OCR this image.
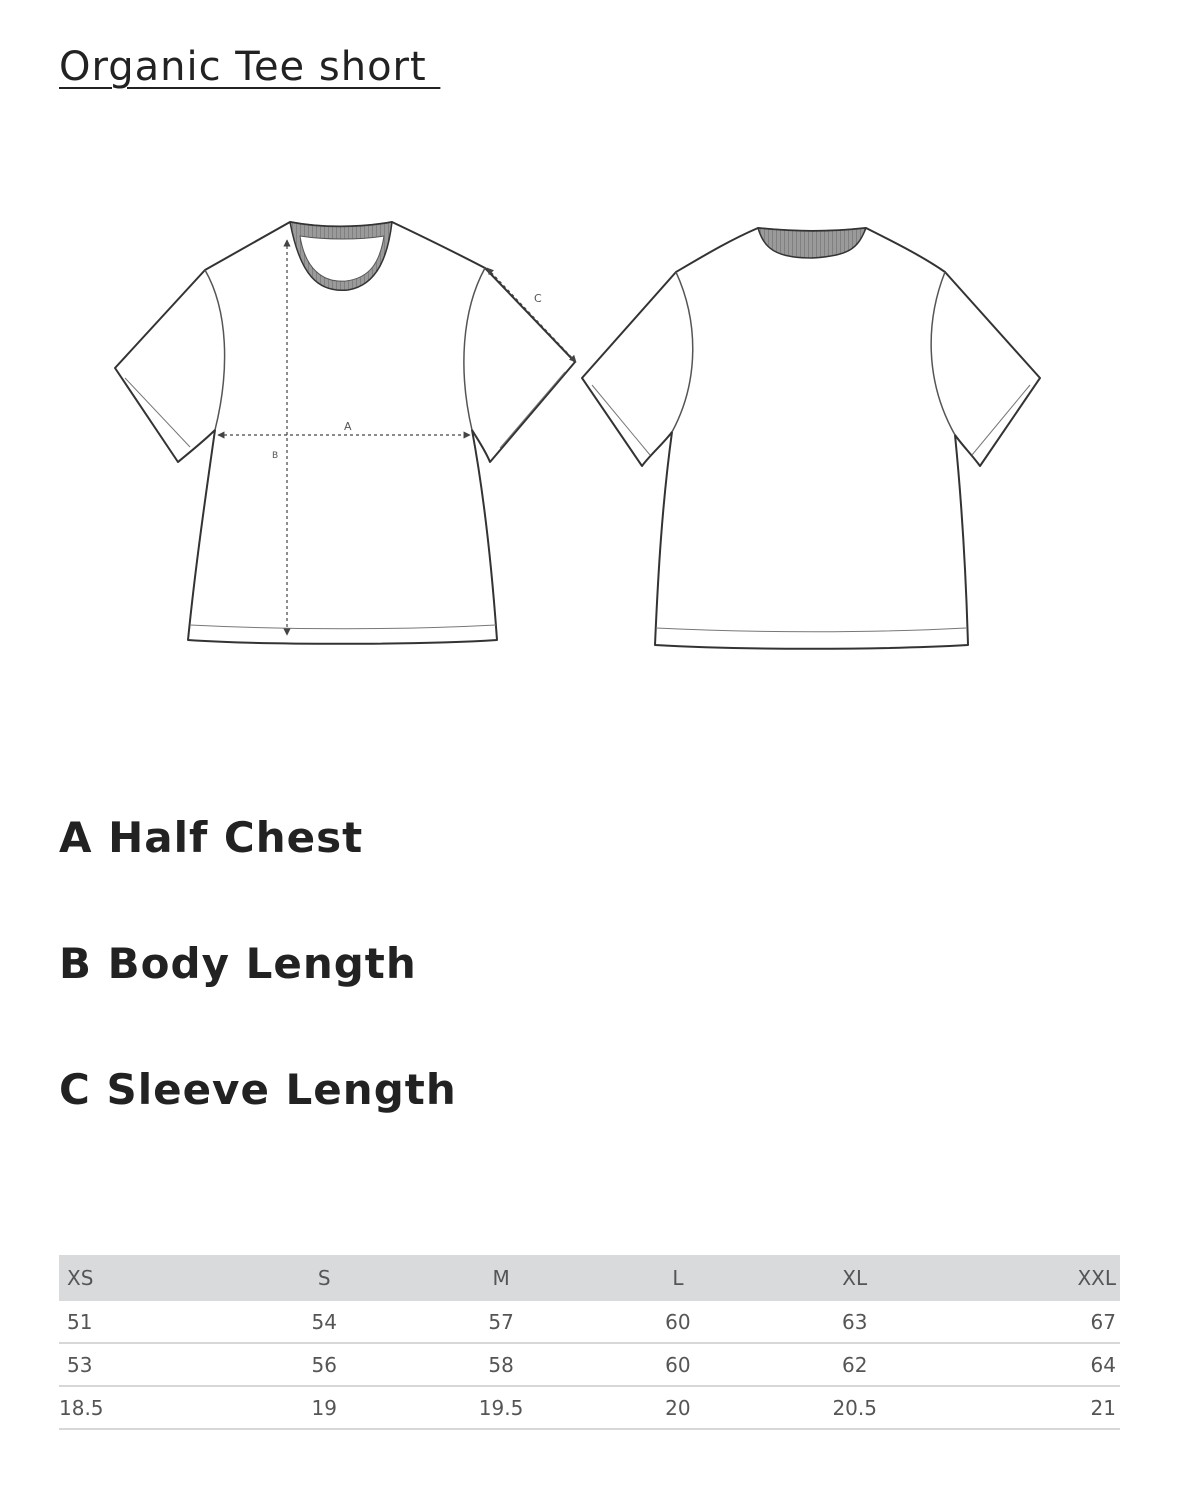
Organic Tee short
A
B
C
A Half Chest
B Body Length
C Sleeve Length
XS	S	M	L	XL	XXL
51	54	57	60	63	67
53	56	58	60	62	64
18.5	19	19.5	20	20.5	21
